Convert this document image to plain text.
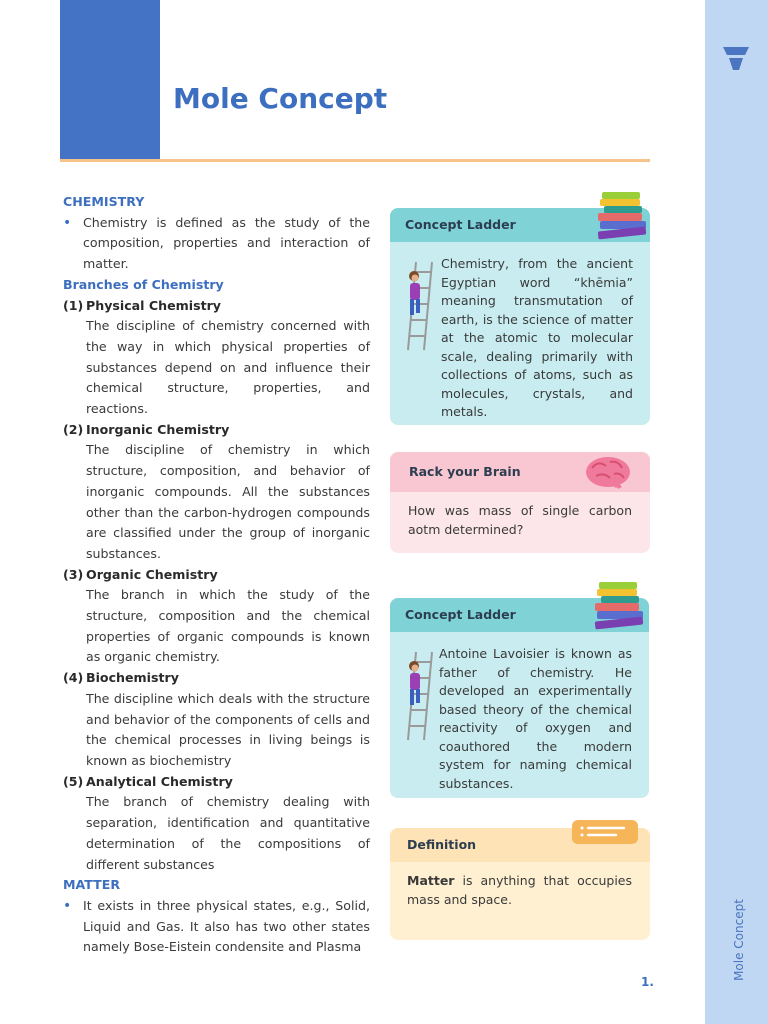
Mole Concept
Mole Concept
CHEMISTRY
• Chemistry is defined as the study of the composition, properties and interaction of matter.
Branches of Chemistry
(1) Physical Chemistry
The discipline of chemistry concerned with the way in which physical properties of substances depend on and influence their chemical structure, properties, and reactions.
(2) Inorganic Chemistry
The discipline of chemistry in which structure, composition, and behavior of inorganic compounds. All the substances other than the carbon-hydrogen compounds are classified under the group of inorganic substances.
(3) Organic Chemistry
The branch in which the study of the structure, composition and the chemical properties of organic compounds is known as organic chemistry.
(4) Biochemistry
The discipline which deals with the structure and behavior of the components of cells and the chemical processes in living beings is known as biochemistry
(5) Analytical Chemistry
The branch of chemistry dealing with separation, identification and quantitative determination of the compositions of different substances
MATTER
• It exists in three physical states, e.g., Solid, Liquid and Gas. It also has two other states namely Bose-Eistein condensite and Plasma
Concept Ladder
Chemistry, from the ancient Egyptian word “khēmia” meaning transmutation of earth, is the science of matter at the atomic to molecular scale, dealing primarily with collections of atoms, such as molecules, crystals, and metals.
Rack your Brain
How was mass of single carbon aotm determined?
Concept Ladder
Antoine Lavoisier is known as father of chemistry. He developed an experimentally based theory of the chemical reactivity of oxygen and coauthored the modern system for naming chemical substances.
Definition
Matter is anything that occupies mass and space.
1.
